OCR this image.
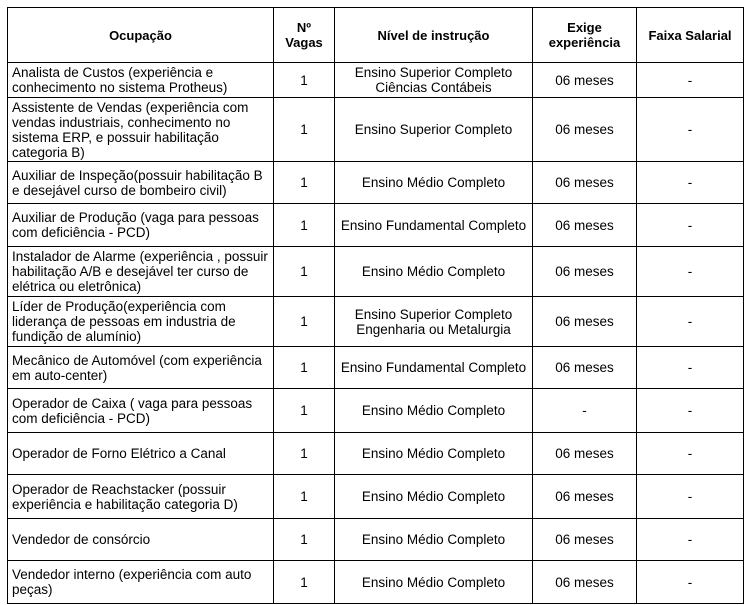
Ocupação	Nº Vagas	Nível de instrução	Exige experiência	Faixa Salarial
Analista de Custos (experiência e conhecimento no sistema Protheus)	1	Ensino Superior Completo Ciências Contábeis	06 meses	-
Assistente de Vendas (experiência com vendas industriais, conhecimento no sistema ERP, e possuir habilitação categoria B)	1	Ensino Superior Completo	06 meses	-
Auxiliar de Inspeção(possuir habilitação B e desejável curso de bombeiro civil)	1	Ensino Médio Completo	06 meses	-
Auxiliar de Produção (vaga para pessoas com deficiência - PCD)	1	Ensino Fundamental Completo	06 meses	-
Instalador de Alarme (experiência , possuir habilitação A/B e desejável ter curso de elétrica ou eletrônica)	1	Ensino Médio Completo	06 meses	-
Líder de Produção(experiência com liderança de pessoas em industria de fundição de alumínio)	1	Ensino Superior Completo Engenharia ou Metalurgia	06 meses	-
Mecânico de Automóvel (com experiência em auto-center)	1	Ensino Fundamental Completo	06 meses	-
Operador de Caixa ( vaga para pessoas com deficiência - PCD)	1	Ensino Médio Completo	-	-
Operador de Forno Elétrico a Canal	1	Ensino Médio Completo	06 meses	-
Operador de Reachstacker (possuir experiência e habilitação categoria D)	1	Ensino Médio Completo	06 meses	-
Vendedor de consórcio	1	Ensino Médio Completo	06 meses	-
Vendedor interno (experiência com auto peças)	1	Ensino Médio Completo	06 meses	-
